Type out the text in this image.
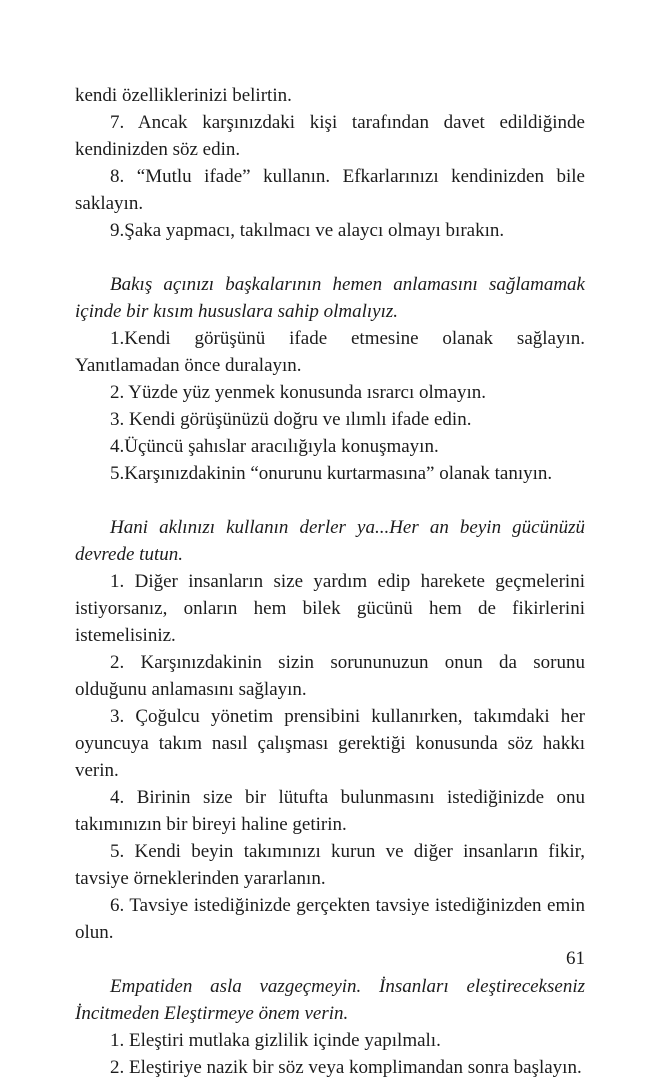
kendi özelliklerinizi belirtin.

7. Ancak karşınızdaki kişi tarafından davet edildiğinde kendinizden söz edin.

8. “Mutlu ifade” kullanın. Efkarlarınızı kendinizden bile saklayın.

9.Şaka yapmacı, takılmacı ve alaycı olmayı bırakın.

Bakış açınızı başkalarının hemen anlamasını sağlamamak içinde bir kısım hususlara sahip olmalıyız.

1.Kendi görüşünü ifade etmesine olanak sağlayın. Yanıtlamadan önce duralayın.

2. Yüzde yüz yenmek konusunda ısrarcı olmayın.

3. Kendi görüşünüzü doğru ve ılımlı ifade edin.

4.Üçüncü şahıslar aracılığıyla konuşmayın.

5.Karşınızdakinin “onurunu kurtarmasına” olanak tanıyın.

Hani aklınızı kullanın derler ya...Her an beyin gücünüzü devrede tutun.

1. Diğer insanların size yardım edip harekete geçmelerini istiyorsanız, onların hem bilek gücünü hem de fikirlerini istemelisiniz.

2. Karşınızdakinin sizin sorununuzun onun da sorunu olduğunu anlamasını sağlayın.

3. Çoğulcu yönetim prensibini kullanırken, takımdaki her oyuncuya takım nasıl çalışması gerektiği konusunda söz hakkı verin.

4. Birinin size bir lütufta bulunmasını istediğinizde onu takımınızın bir bireyi haline getirin.

5. Kendi beyin takımınızı kurun ve diğer insanların fikir, tavsiye örneklerinden yararlanın.

6. Tavsiye istediğinizde gerçekten tavsiye istediğinizden emin olun.

Empatiden asla vazgeçmeyin. İnsanları eleştirecekseniz İncitmeden Eleştirmeye önem verin.

1. Eleştiri mutlaka gizlilik içinde yapılmalı.

2. Eleştiriye nazik bir söz veya komplimandan sonra başlayın.

61
